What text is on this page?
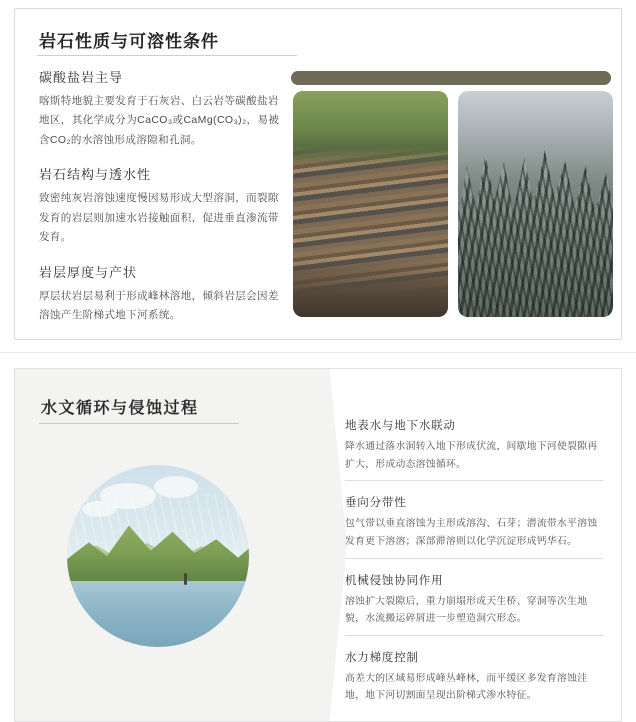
岩石性质与可溶性条件
碳酸盐岩主导

喀斯特地貌主要发育于石灰岩、白云岩等碳酸盐岩地区，其化学成分为CaCO₃或CaMg(CO₃)₂，易被含CO₂的水溶蚀形成溶隙和孔洞。

岩石结构与透水性

致密纯灰岩溶蚀速度慢因易形成大型溶洞，而裂隙发育的岩层则加速水岩接触面积，促进垂直渗流带发育。

岩层厚度与产状

厚层状岩层易利于形成峰林溶地，倾斜岩层会因差溶蚀产生阶梯式地下河系统。

水文循环与侵蚀过程
地表水与地下水联动

降水通过落水洞转入地下形成伏流，间歇地下河使裂隙再扩大，形成动态溶蚀循环。

垂向分带性

包气带以垂直溶蚀为主形成溶沟、石芽；潜流带水平溶蚀发育更下溶溶；深部滞溶则以化学沉淀形成钙华石。

机械侵蚀协同作用

溶蚀扩大裂隙后，重力崩塌形成天生桥、穿洞等次生地貌，水流搬运碎屑进一步塑造洞穴形态。

水力梯度控制

高差大的区域易形成峰丛峰林，而平缓区多发育溶蚀洼地，地下河切割面呈现出阶梯式渗水特征。
